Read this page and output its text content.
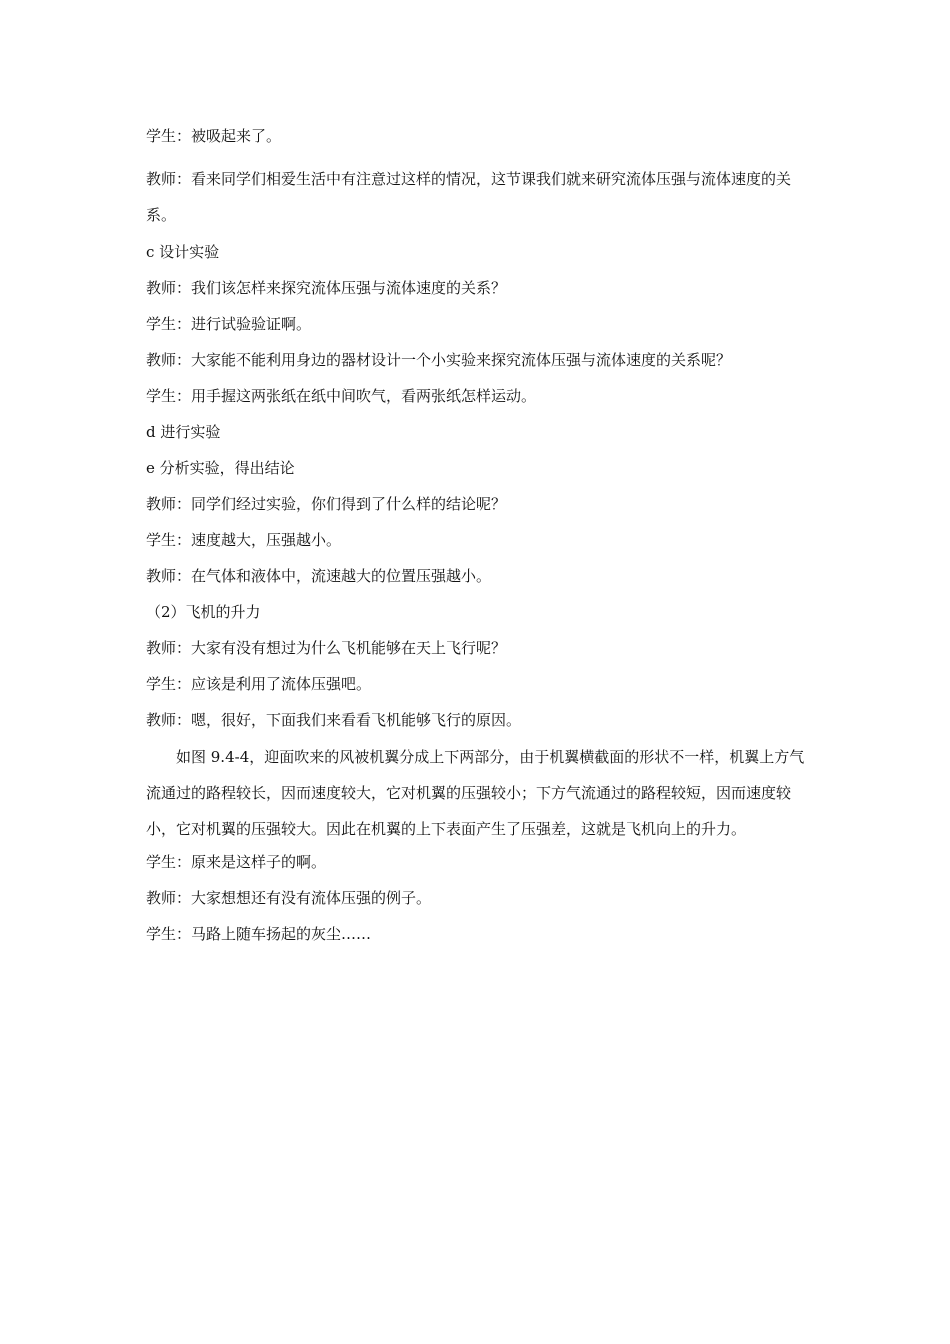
学生：被吸起来了。
教师：看来同学们相爱生活中有注意过这样的情况，这节课我们就来研究流体压强与流体速度的关系。
c 设计实验
教师：我们该怎样来探究流体压强与流体速度的关系？
学生：进行试验验证啊。
教师：大家能不能利用身边的器材设计一个小实验来探究流体压强与流体速度的关系呢？
学生：用手握这两张纸在纸中间吹气，看两张纸怎样运动。
d 进行实验
e 分析实验，得出结论
教师：同学们经过实验，你们得到了什么样的结论呢？
学生：速度越大，压强越小。
教师：在气体和液体中，流速越大的位置压强越小。
（2）飞机的升力
教师：大家有没有想过为什么飞机能够在天上飞行呢？
学生：应该是利用了流体压强吧。
教师：嗯，很好，下面我们来看看飞机能够飞行的原因。
如图 9.4-4，迎面吹来的风被机翼分成上下两部分，由于机翼横截面的形状不一样，机翼上方气流通过的路程较长，因而速度较大，它对机翼的压强较小；下方气流通过的路程较短，因而速度较小，它对机翼的压强较大。因此在机翼的上下表面产生了压强差，这就是飞机向上的升力。
学生：原来是这样子的啊。
教师：大家想想还有没有流体压强的例子。
学生：马路上随车扬起的灰尘……
